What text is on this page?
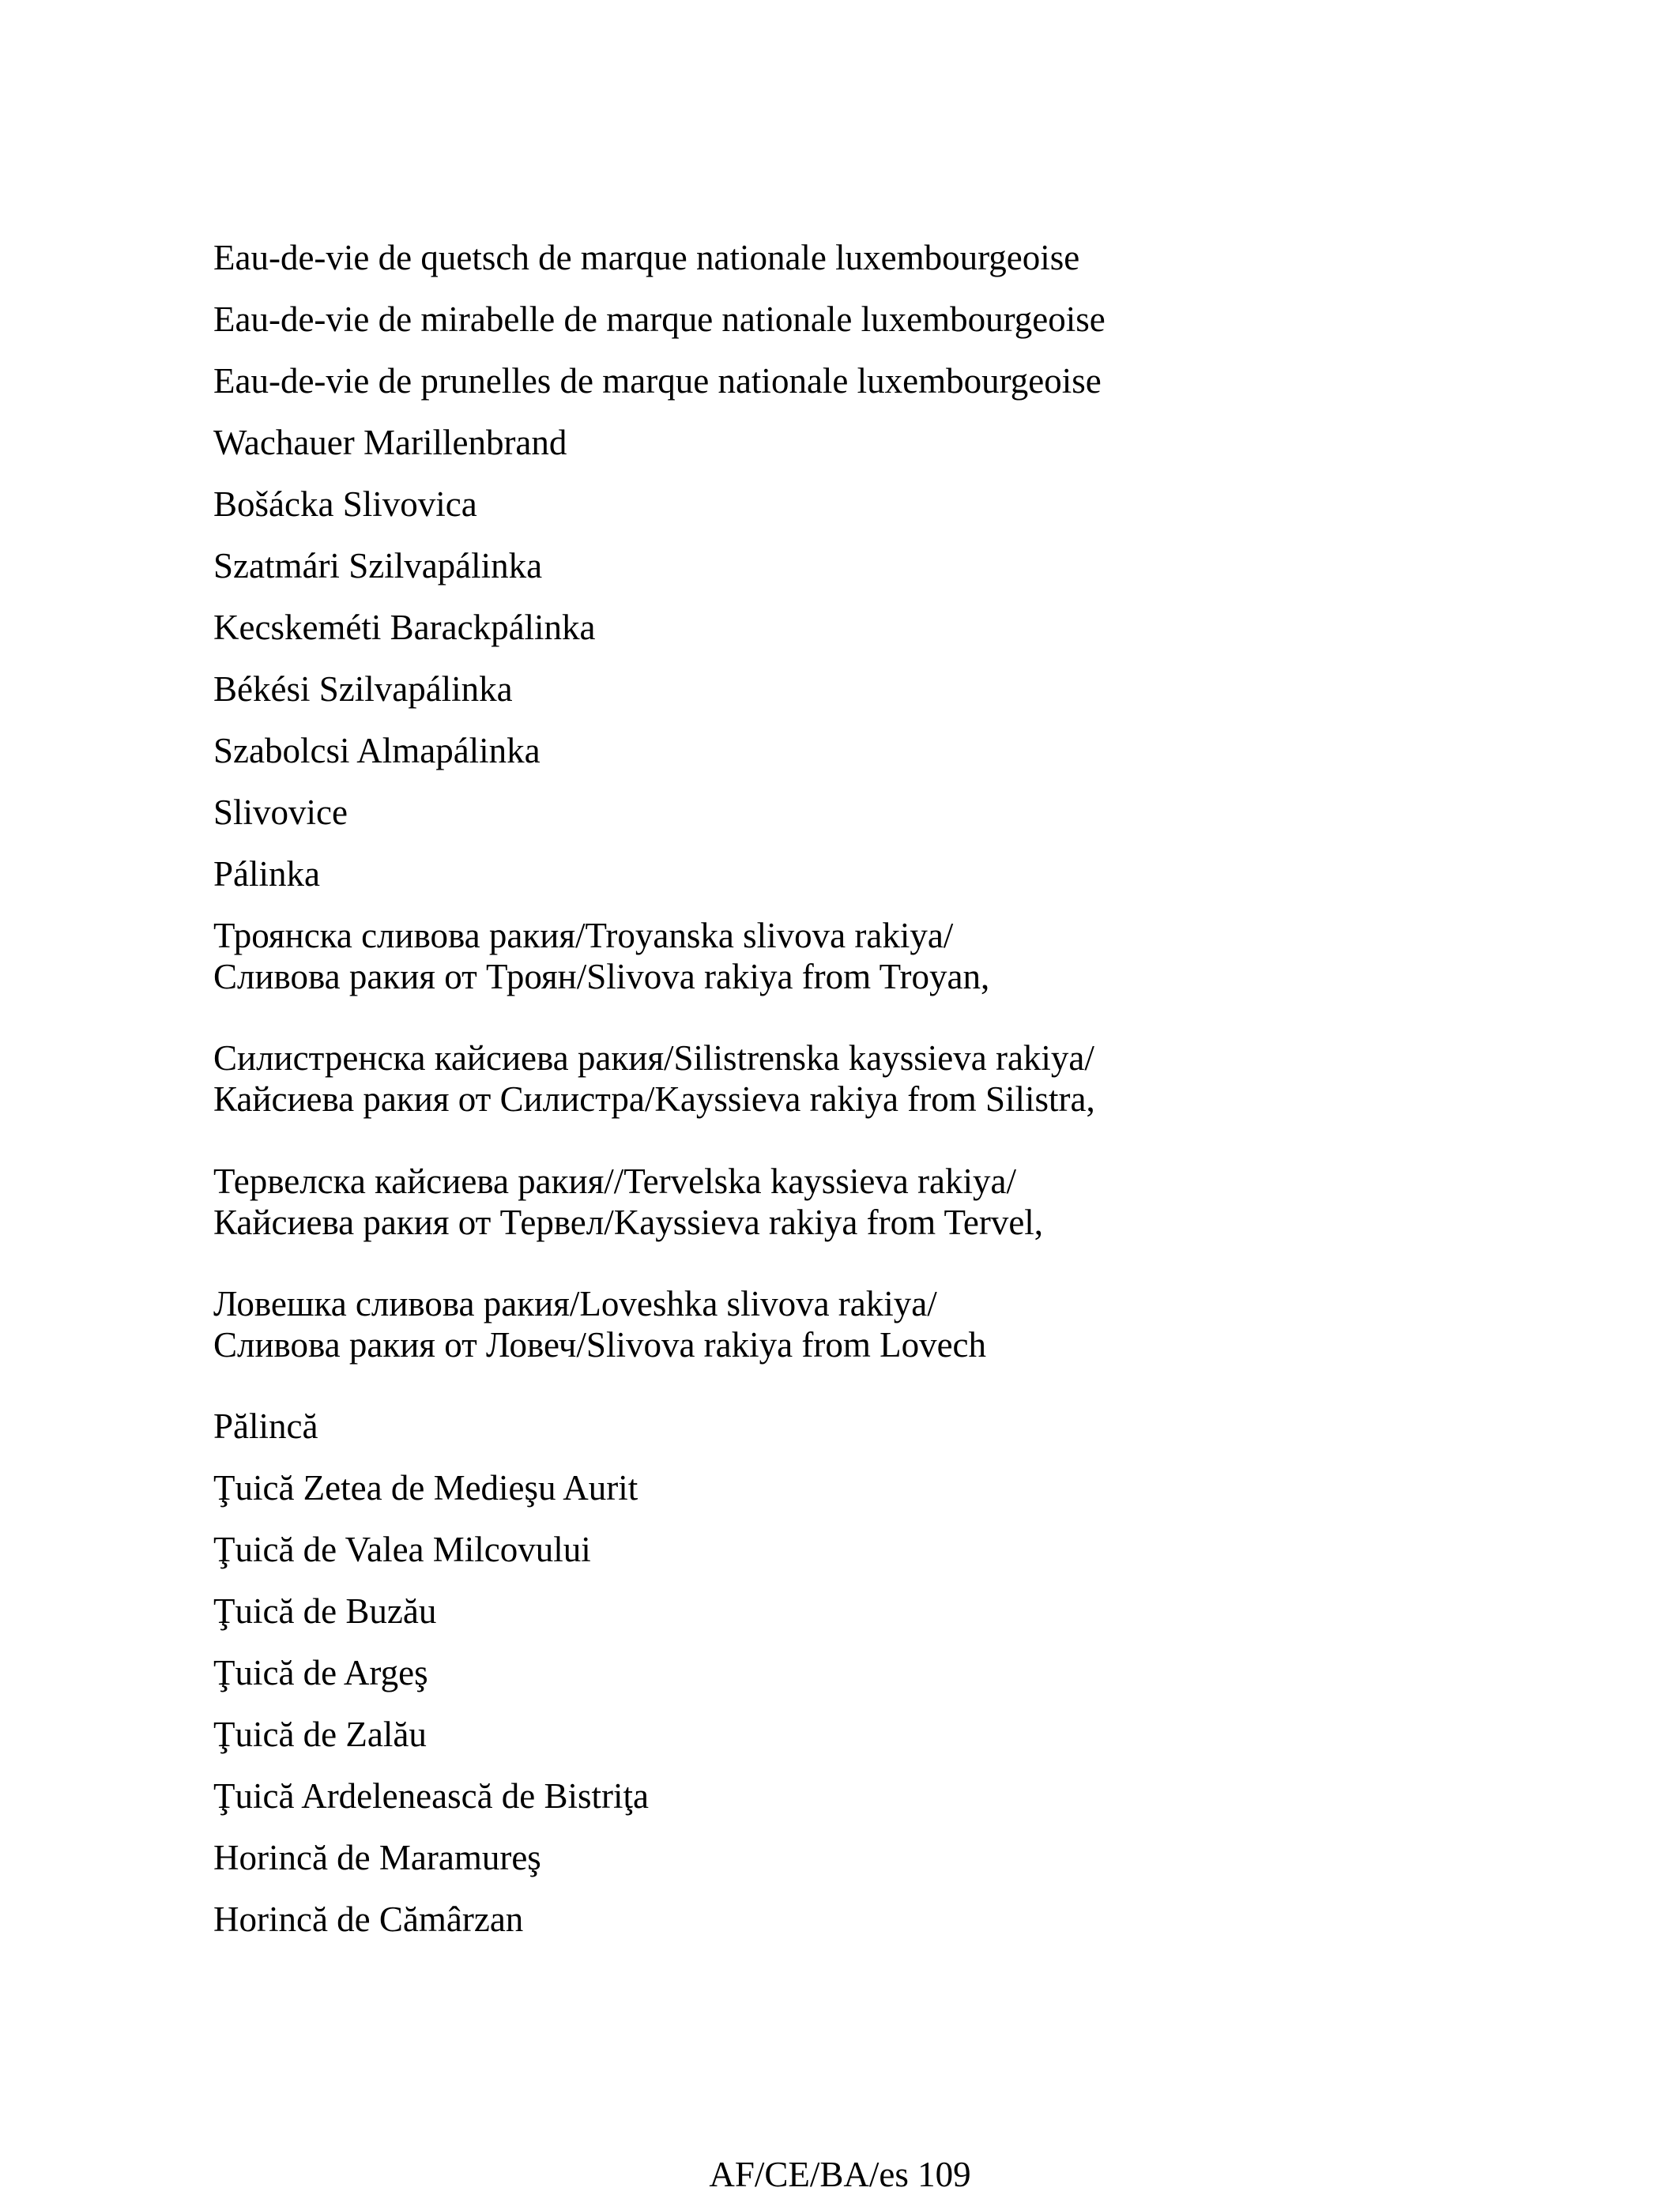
Eau-de-vie de quetsch de marque nationale luxembourgeoise
Eau-de-vie de mirabelle de marque nationale luxembourgeoise
Eau-de-vie de prunelles de marque nationale luxembourgeoise
Wachauer Marillenbrand
Bošácka Slivovica
Szatmári Szilvapálinka
Kecskeméti Barackpálinka
Békési Szilvapálinka
Szabolcsi Almapálinka
Slivovice
Pálinka
Троянска сливова ракия/Troyanska slivova rakiya/
Сливова ракия от Троян/Slivova rakiya from Troyan,
Силистренска кайсиева ракия/Silistrenska kayssieva rakiya/
Кайсиева ракия от Силистра/Kayssieva rakiya from Silistra,
Тервелска кайсиева ракия//Tervelska kayssieva rakiya/
Кайсиева ракия от Тервел/Kayssieva rakiya from Tervel,
Ловешка сливова ракия/Loveshka slivova rakiya/
Сливова ракия от Ловеч/Slivova rakiya from Lovech
Pălincă
Ţuică Zetea de Medieşu Aurit
Ţuică de Valea Milcovului
Ţuică de Buzău
Ţuică de Argeş
Ţuică de Zalău
Ţuică Ardelenească de Bistriţa
Horincă de Maramureş
Horincă de Cămârzan
AF/CE/BA/es 109
